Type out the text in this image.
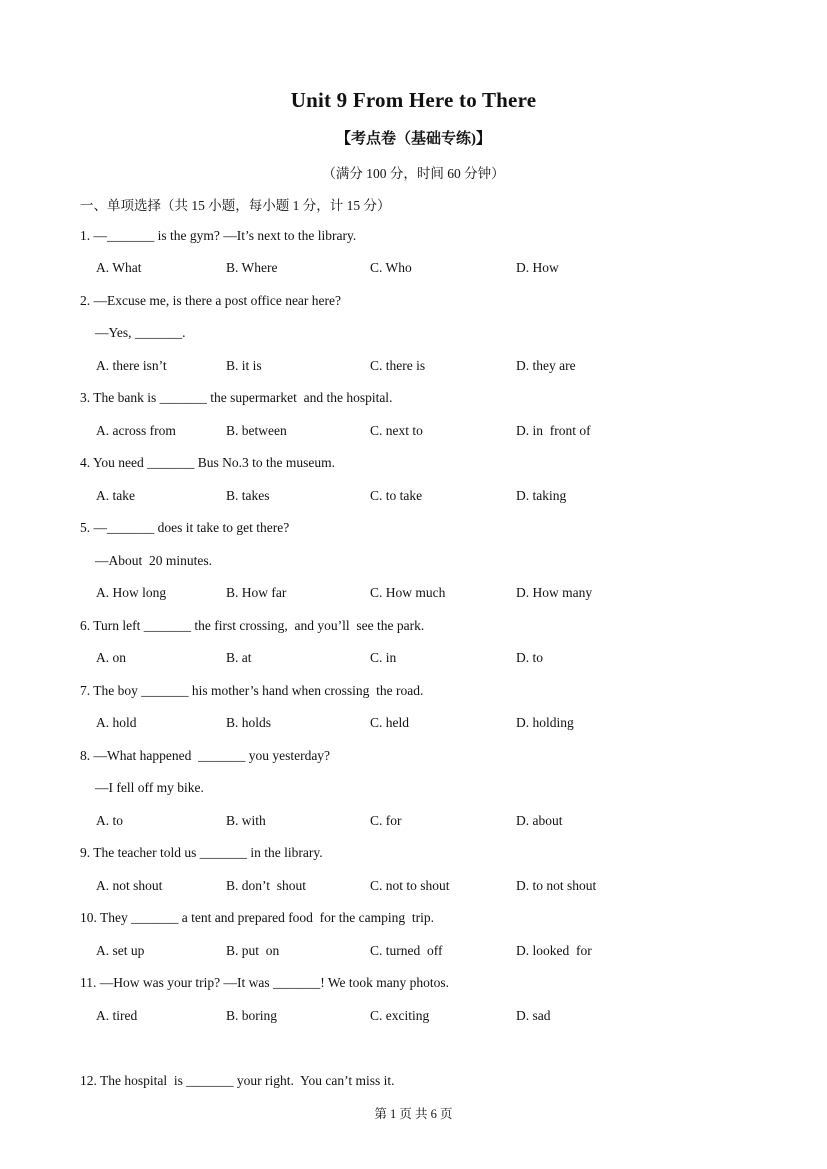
Unit 9 From Here to There
【考点卷（基础专练)】
（满分 100 分，时间 60 分钟）
一、单项选择（共 15 小题，每小题 1 分，计 15 分）
1. —_______ is the gym? —It’s next to the library.
A. What	B. Where	C. Who	D. How
2. —Excuse me, is there a post office near here?
—Yes, _______.
A. there isn’t	B. it is	C. there is	D. they are
3. The bank is _______ the supermarket  and the hospital.
A. across from	B. between	C. next to	D. in  front of
4. You need _______ Bus No.3 to the museum.
A. take	B. takes	C. to take	D. taking
5. —_______ does it take to get there?
—About  20 minutes.
A. How long	B. How far	C. How much	D. How many
6. Turn left _______ the first crossing,  and you’ll  see the park.
A. on	B. at	C. in	D. to
7. The boy _______ his mother’s hand when crossing  the road.
A. hold	B. holds	C. held	D. holding
8. —What happened  _______ you yesterday?
—I fell off my bike.
A. to	B. with	C. for	D. about
9. The teacher told us _______ in the library.
A. not shout	B. don’t  shout	C. not to shout	D. to not shout
10. They _______ a tent and prepared food  for the camping  trip.
A. set up	B. put  on	C. turned  off	D. looked  for
11. —How was your trip? —It was _______! We took many photos.
A. tired	B. boring	C. exciting	D. sad
12. The hospital  is _______ your right.  You can’t miss it.
第 1 页 共 6 页
